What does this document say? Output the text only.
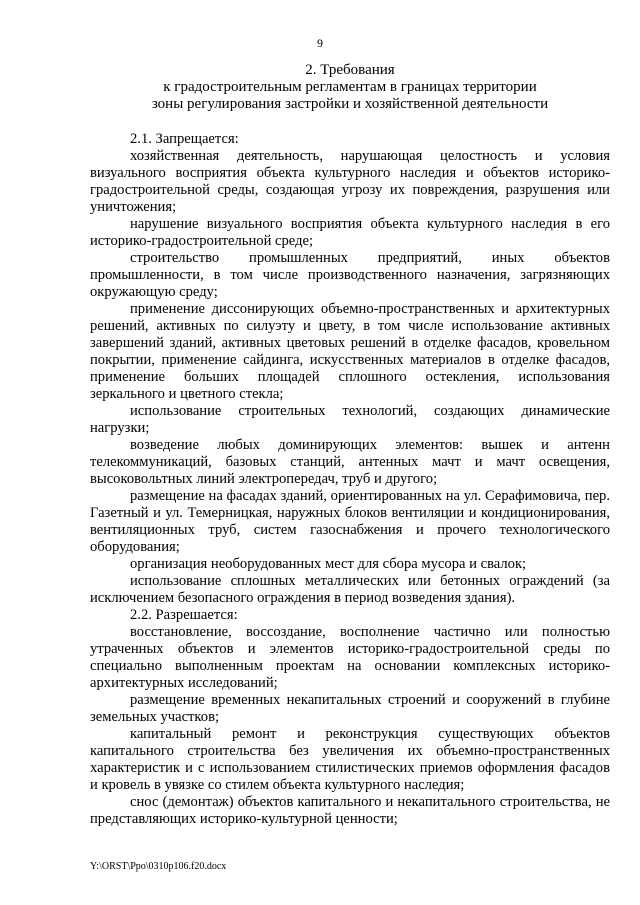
9
2. Требования
к градостроительным регламентам в границах территории
зоны регулирования застройки и хозяйственной деятельности

2.1. Запрещается:

хозяйственная деятельность, нарушающая целостность и условия визуального восприятия объекта культурного наследия и объектов историко-градостроительной среды, создающая угрозу их повреждения, разрушения или уничтожения;

нарушение визуального восприятия объекта культурного наследия в его историко-градостроительной среде;

строительство промышленных предприятий, иных объектов промышленности, в том числе производственного назначения, загрязняющих окружающую среду;

применение диссонирующих объемно-пространственных и архитектурных решений, активных по силуэту и цвету, в том числе использование активных завершений зданий, активных цветовых решений в отделке фасадов, кровельном покрытии, применение сайдинга, искусственных материалов в отделке фасадов, применение больших площадей сплошного остекления, использования зеркального и цветного стекла;

использование строительных технологий, создающих динамические нагрузки;

возведение любых доминирующих элементов: вышек и антенн телекоммуникаций, базовых станций, антенных мачт и мачт освещения, высоковольтных линий электропередач, труб и другого;

размещение на фасадах зданий, ориентированных на ул. Серафимовича, пер. Газетный и ул. Темерницкая, наружных блоков вентиляции и кондиционирования, вентиляционных труб, систем газоснабжения и прочего технологического оборудования;

организация необорудованных мест для сбора мусора и свалок;

использование сплошных металлических или бетонных ограждений (за исключением безопасного ограждения в период возведения здания).

2.2. Разрешается:

восстановление, воссоздание, восполнение частично или полностью утраченных объектов и элементов историко-градостроительной среды по специально выполненным проектам на основании комплексных историко-архитектурных исследований;

размещение временных некапитальных строений и сооружений в глубине земельных участков;

капитальный ремонт и реконструкция существующих объектов капитального строительства без увеличения их объемно-пространственных характеристик и с использованием стилистических приемов оформления фасадов и кровель в увязке со стилем объекта культурного наследия;

снос (демонтаж) объектов капитального и некапитального строительства, не представляющих историко-культурной ценности;

Y:\ORST\Ppo\0310p106.f20.docx
